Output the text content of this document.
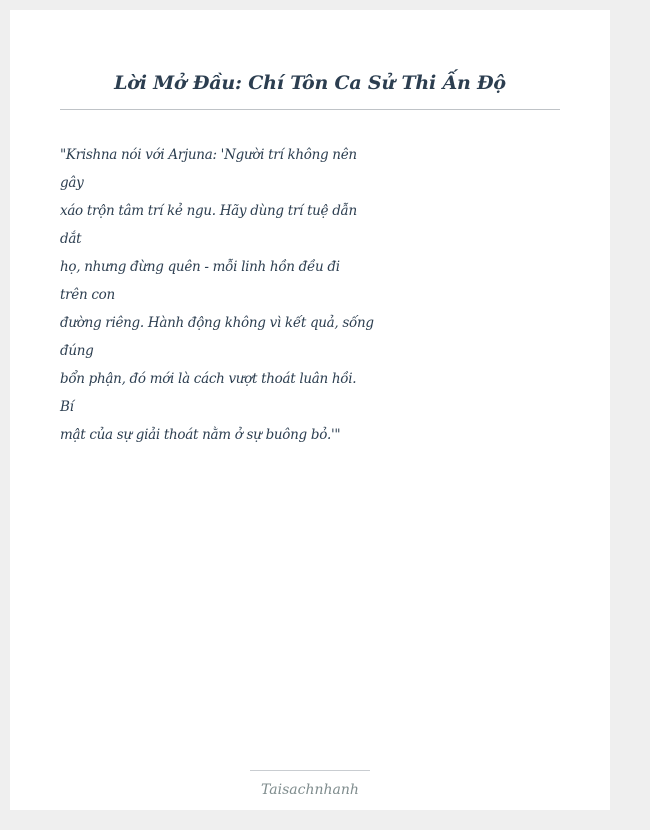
Lời Mở Đầu: Chí Tôn Ca Sử Thi Ấn Độ
"Krishna nói với Arjuna: 'Người trí không nên
gây
xáo trộn tâm trí kẻ ngu. Hãy dùng trí tuệ dẫn
dắt
họ, nhưng đừng quên - mỗi linh hồn đều đi
trên con
đường riêng. Hành động không vì kết quả, sống
đúng
bổn phận, đó mới là cách vượt thoát luân hồi.
Bí
mật của sự giải thoát nằm ở sự buông bỏ.'"
Taisachnhanh
